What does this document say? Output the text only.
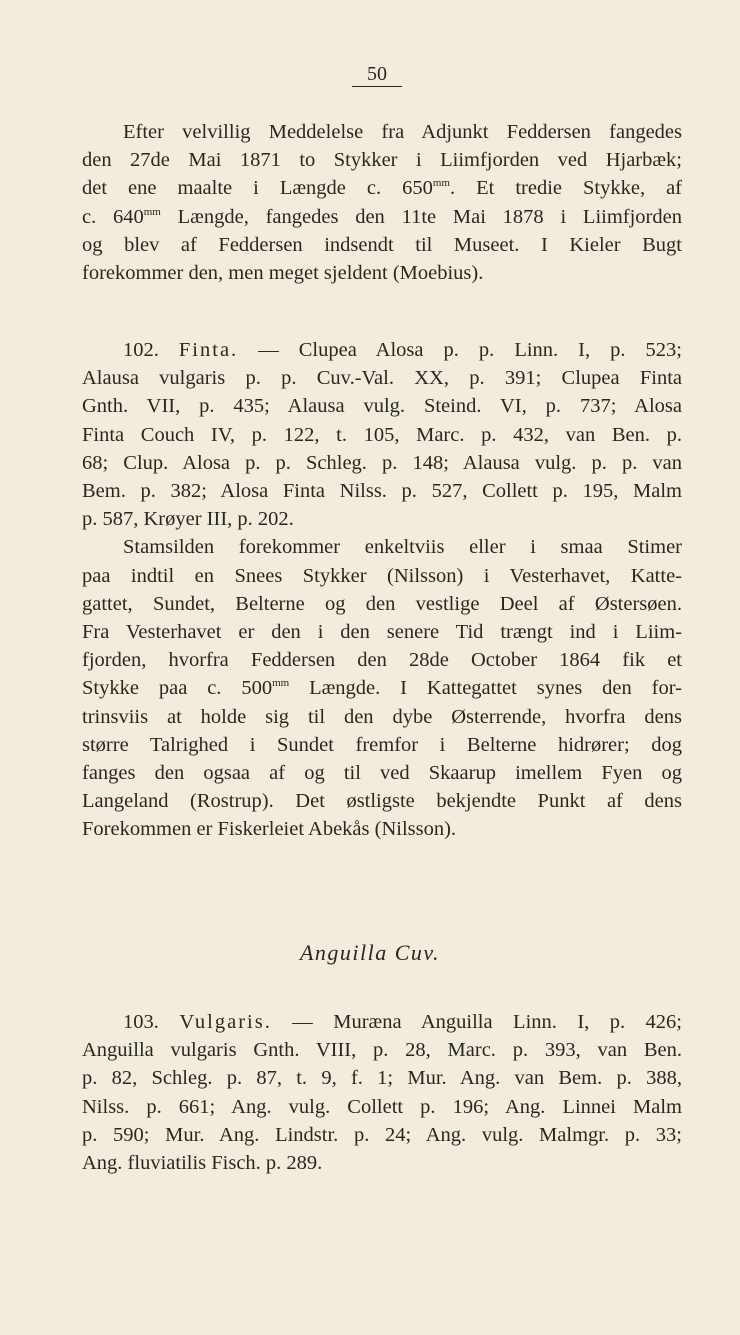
50
Efter velvillig Meddelelse fra Adjunkt Feddersen fangedes
den 27de Mai 1871 to Stykker i Liimfjorden ved Hjarbæk;
det ene maalte i Længde c. $650^{mm}$. Et tredie Stykke, af
c. $640^{mm}$ Længde, fangedes den 11te Mai 1878 i Liimfjorden
og blev af Feddersen indsendt til Museet. I Kieler Bugt
forekommer den, men meget sjeldent (Moebius).
102. Finta. — Clupea Alosa p. p. Linn. I, p. 523;
Alausa vulgaris p. p. Cuv.-Val. XX, p. 391; Clupea Finta
Gnth. VII, p. 435; Alausa vulg. Steind. VI, p. 737; Alosa
Finta Couch IV, p. 122, t. 105, Marc. p. 432, van Ben. p.
68; Clup. Alosa p. p. Schleg. p. 148; Alausa vulg. p. p. van
Bem. p. 382; Alosa Finta Nilss. p. 527, Collett p. 195, Malm
p. 587, Krøyer III, p. 202.
Stamsilden forekommer enkeltviis eller i smaa Stimer
paa indtil en Snees Stykker (Nilsson) i Vesterhavet, Katte-
gattet, Sundet, Belterne og den vestlige Deel af Østersøen.
Fra Vesterhavet er den i den senere Tid trængt ind i Liim-
fjorden, hvorfra Feddersen den 28de October 1864 fik et
Stykke paa c. $500^{mm}$ Længde. I Kattegattet synes den for-
trinsviis at holde sig til den dybe Østerrende, hvorfra dens
større Talrighed i Sundet fremfor i Belterne hidrører; dog
fanges den ogsaa af og til ved Skaarup imellem Fyen og
Langeland (Rostrup). Det østligste bekjendte Punkt af dens
Forekommen er Fiskerleiet Abekås (Nilsson).
Anguilla Cuv.
103. Vulgaris. — Muræna Anguilla Linn. I, p. 426;
Anguilla vulgaris Gnth. VIII, p. 28, Marc. p. 393, van Ben.
p. 82, Schleg. p. 87, t. 9, f. 1; Mur. Ang. van Bem. p. 388,
Nilss. p. 661; Ang. vulg. Collett p. 196; Ang. Linnei Malm
p. 590; Mur. Ang. Lindstr. p. 24; Ang. vulg. Malmgr. p. 33;
Ang. fluviatilis Fisch. p. 289.
